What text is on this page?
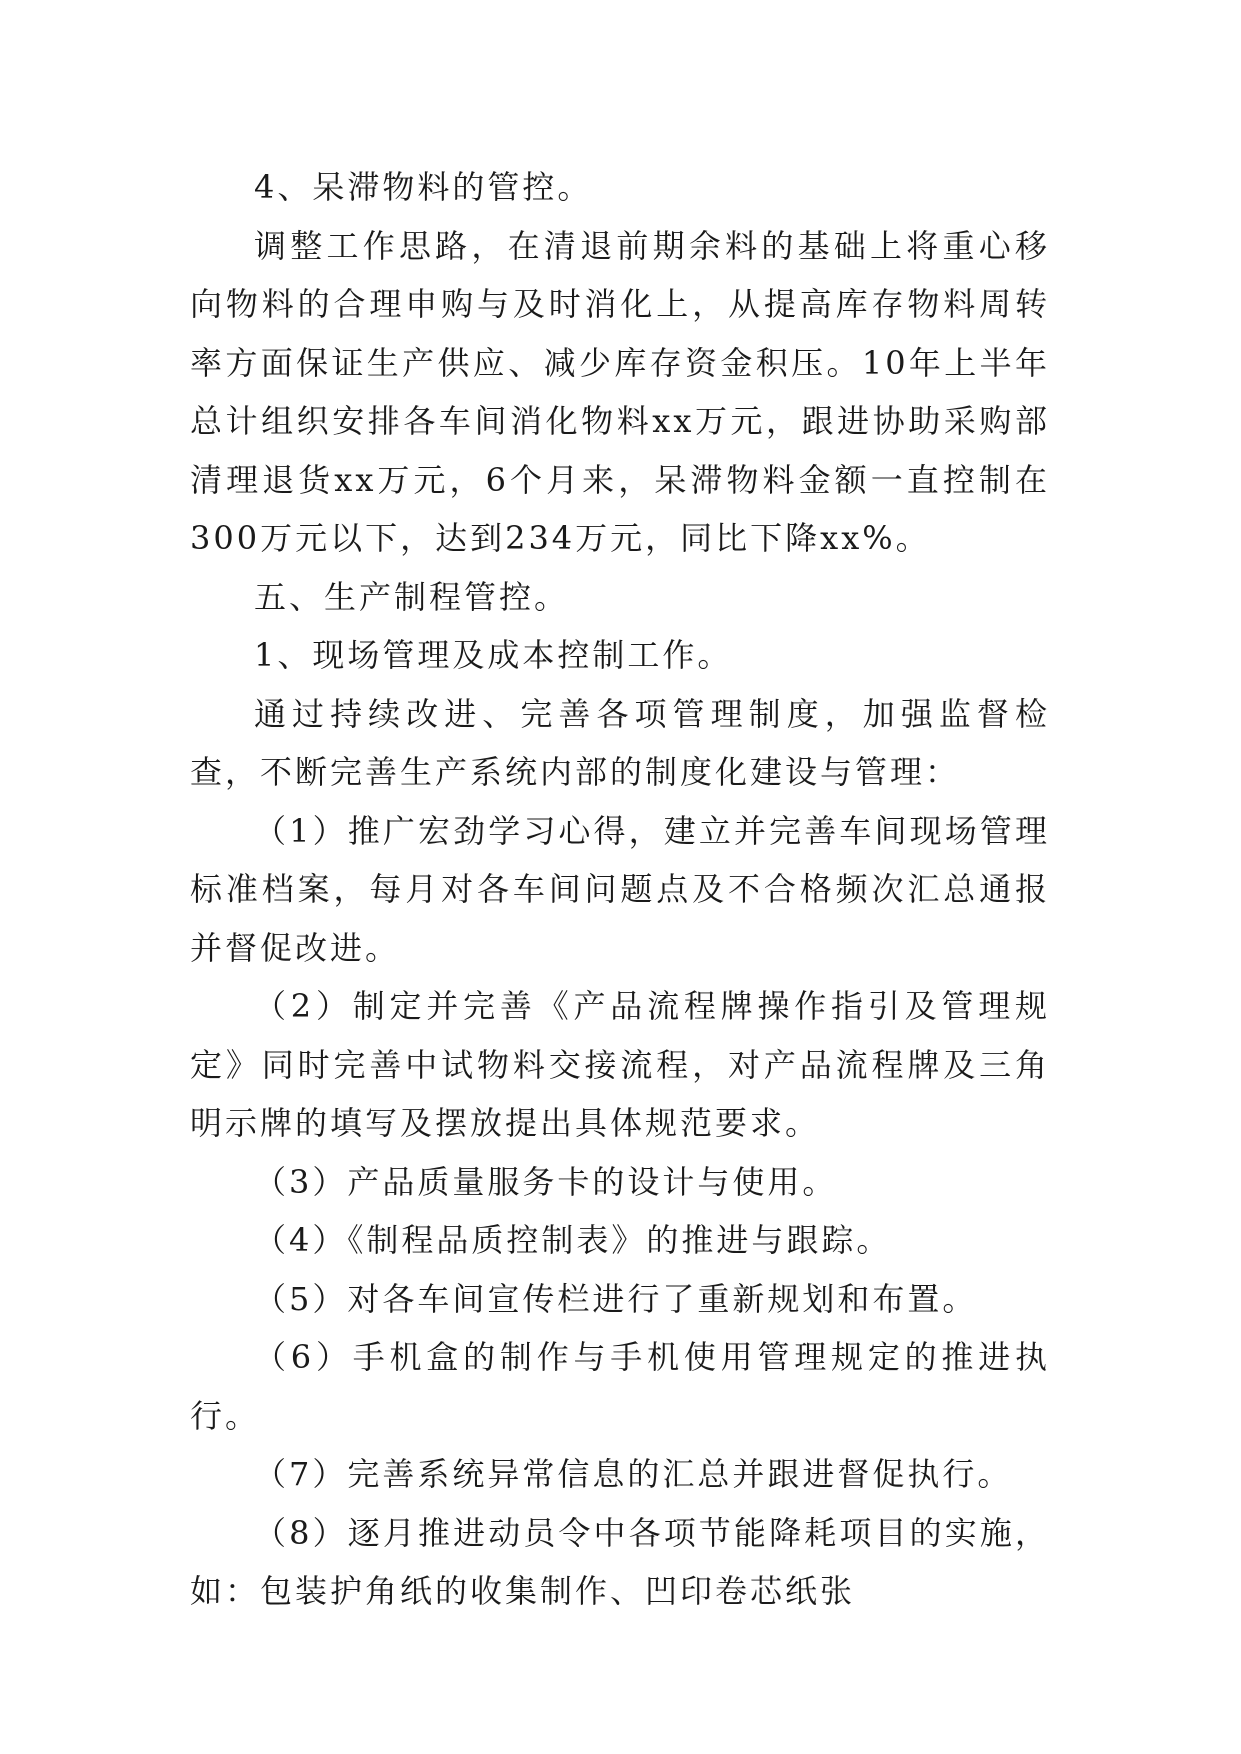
4、呆滞物料的管控。

调整工作思路，在清退前期余料的基础上将重心移向物料的合理申购与及时消化上，从提高库存物料周转率方面保证生产供应、减少库存资金积压。10年上半年总计组织安排各车间消化物料xx万元，跟进协助采购部清理退货xx万元，6个月来，呆滞物料金额一直控制在300万元以下，达到234万元，同比下降xx%。

五、生产制程管控。

1、现场管理及成本控制工作。

通过持续改进、完善各项管理制度，加强监督检查，不断完善生产系统内部的制度化建设与管理：

（1）推广宏劲学习心得，建立并完善车间现场管理标准档案，每月对各车间问题点及不合格频次汇总通报并督促改进。

（2）制定并完善《产品流程牌操作指引及管理规定》同时完善中试物料交接流程，对产品流程牌及三角明示牌的填写及摆放提出具体规范要求。

（3）产品质量服务卡的设计与使用。

（4）《制程品质控制表》的推进与跟踪。

（5）对各车间宣传栏进行了重新规划和布置。

（6）手机盒的制作与手机使用管理规定的推进执行。

（7）完善系统异常信息的汇总并跟进督促执行。

（8）逐月推进动员令中各项节能降耗项目的实施，如：包装护角纸的收集制作、凹印卷芯纸张
